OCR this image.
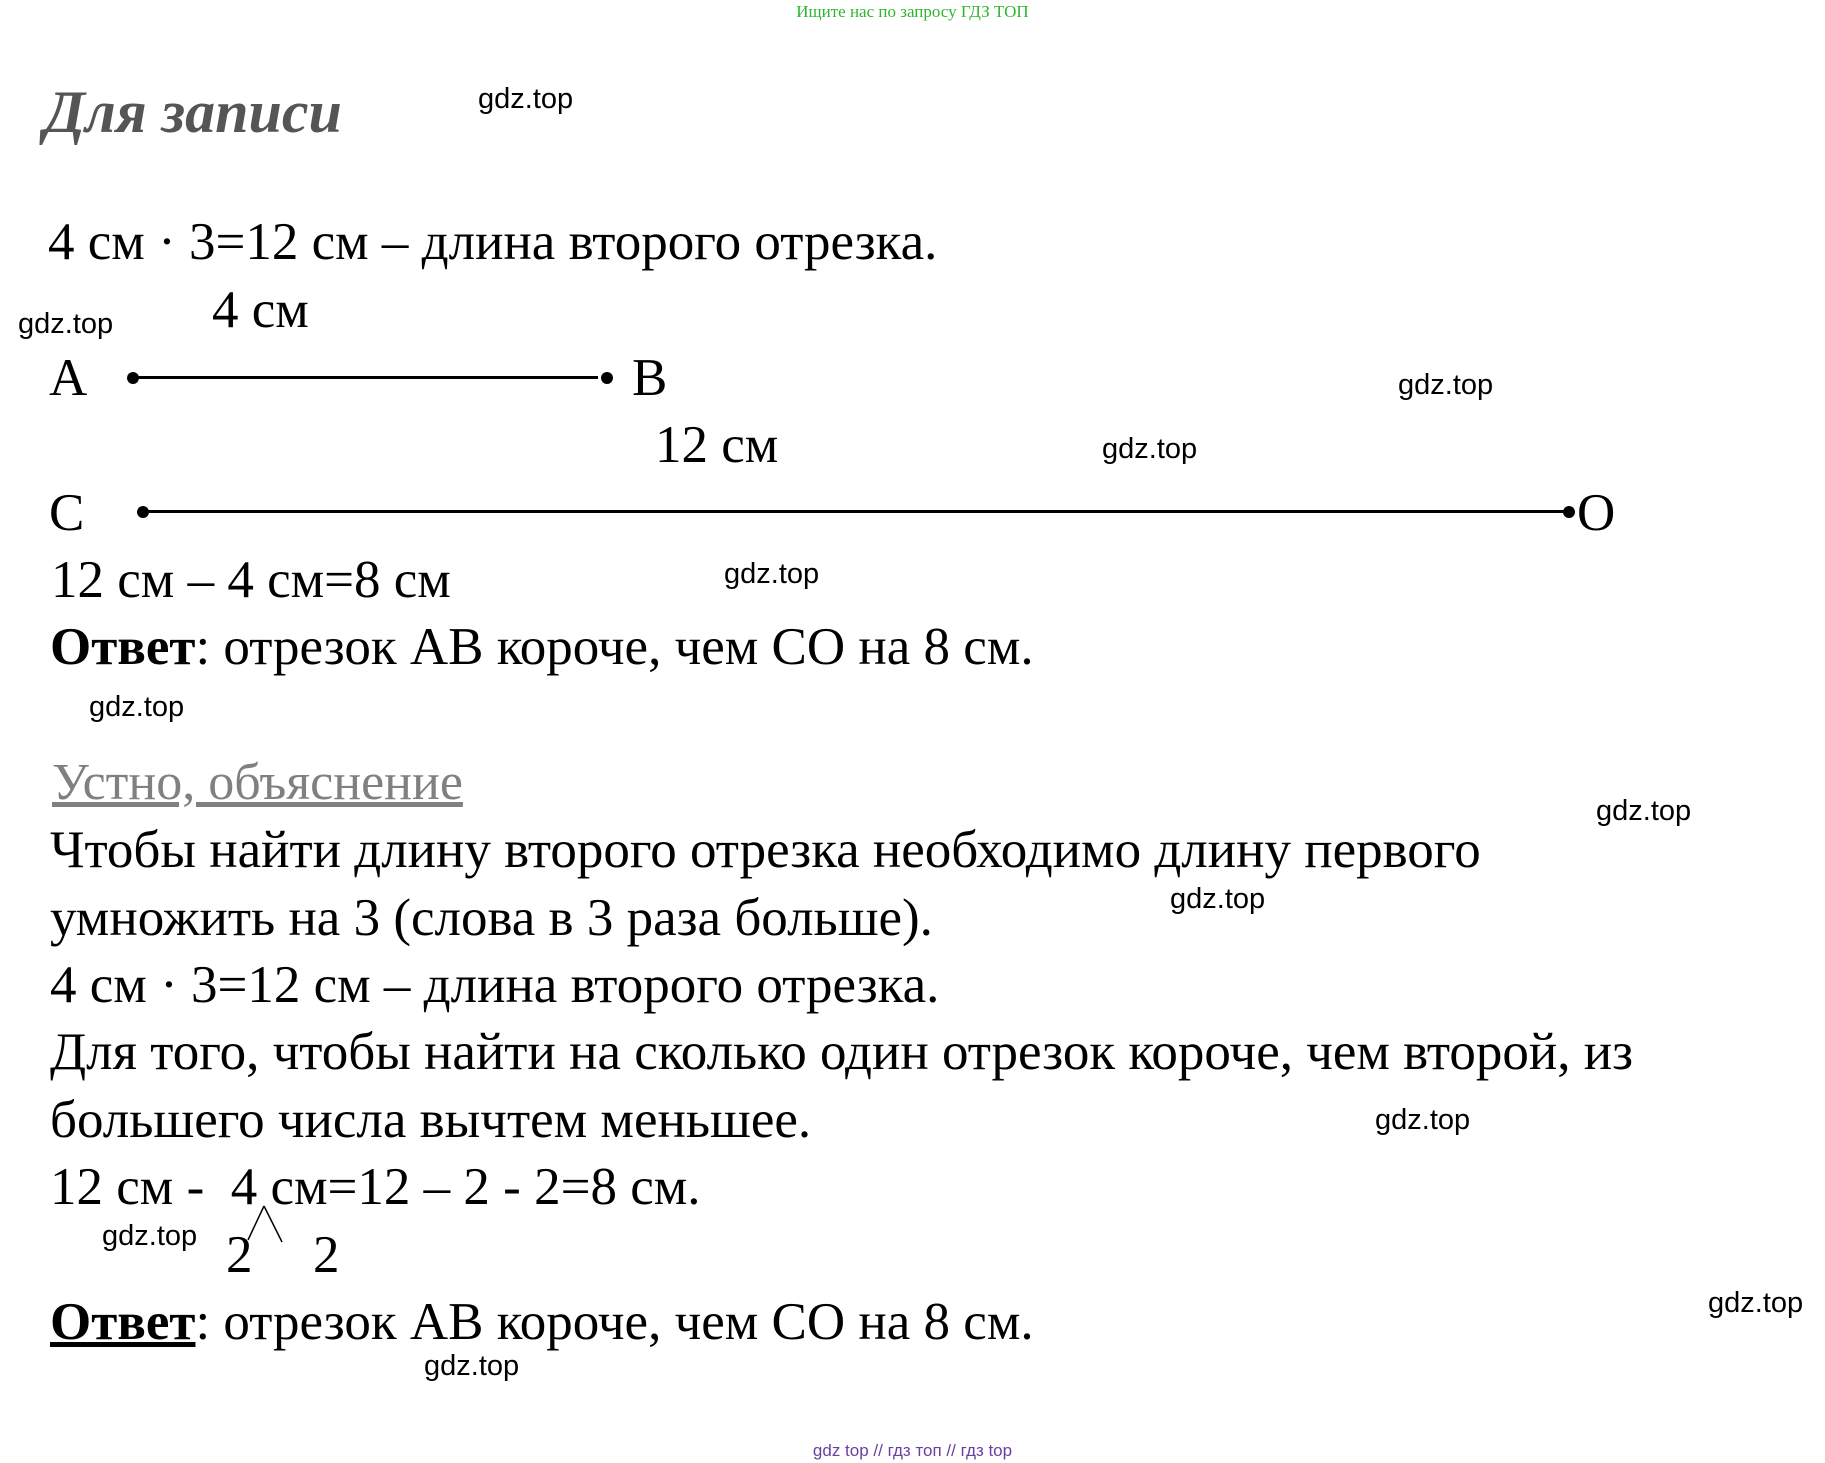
Ищите нас по запросу ГДЗ ТОП
Для записи
4 см · 3=12 см – длина второго отрезка.
4 см
А	В
12 см
С	О
12 см – 4 см=8 см
Ответ: отрезок АВ короче, чем СО на 8 см.
Устно, объяснение
Чтобы найти длину второго отрезка необходимо длину первого
умножить на 3 (слова в 3 раза больше).
4 см · 3=12 см – длина второго отрезка.
Для того, чтобы найти на сколько один отрезок короче, чем второй, из
большего числа вычтем меньшее.
12 см -  4 см=12 – 2 - 2=8 см.
2 2
Ответ: отрезок АВ короче, чем СО на 8 см.
gdz.top
gdz.top
gdz.top
gdz.top
gdz.top
gdz.top
gdz.top
gdz.top
gdz.top
gdz.top
gdz.top
gdz.top
gdz top // гдз топ // гдз top
